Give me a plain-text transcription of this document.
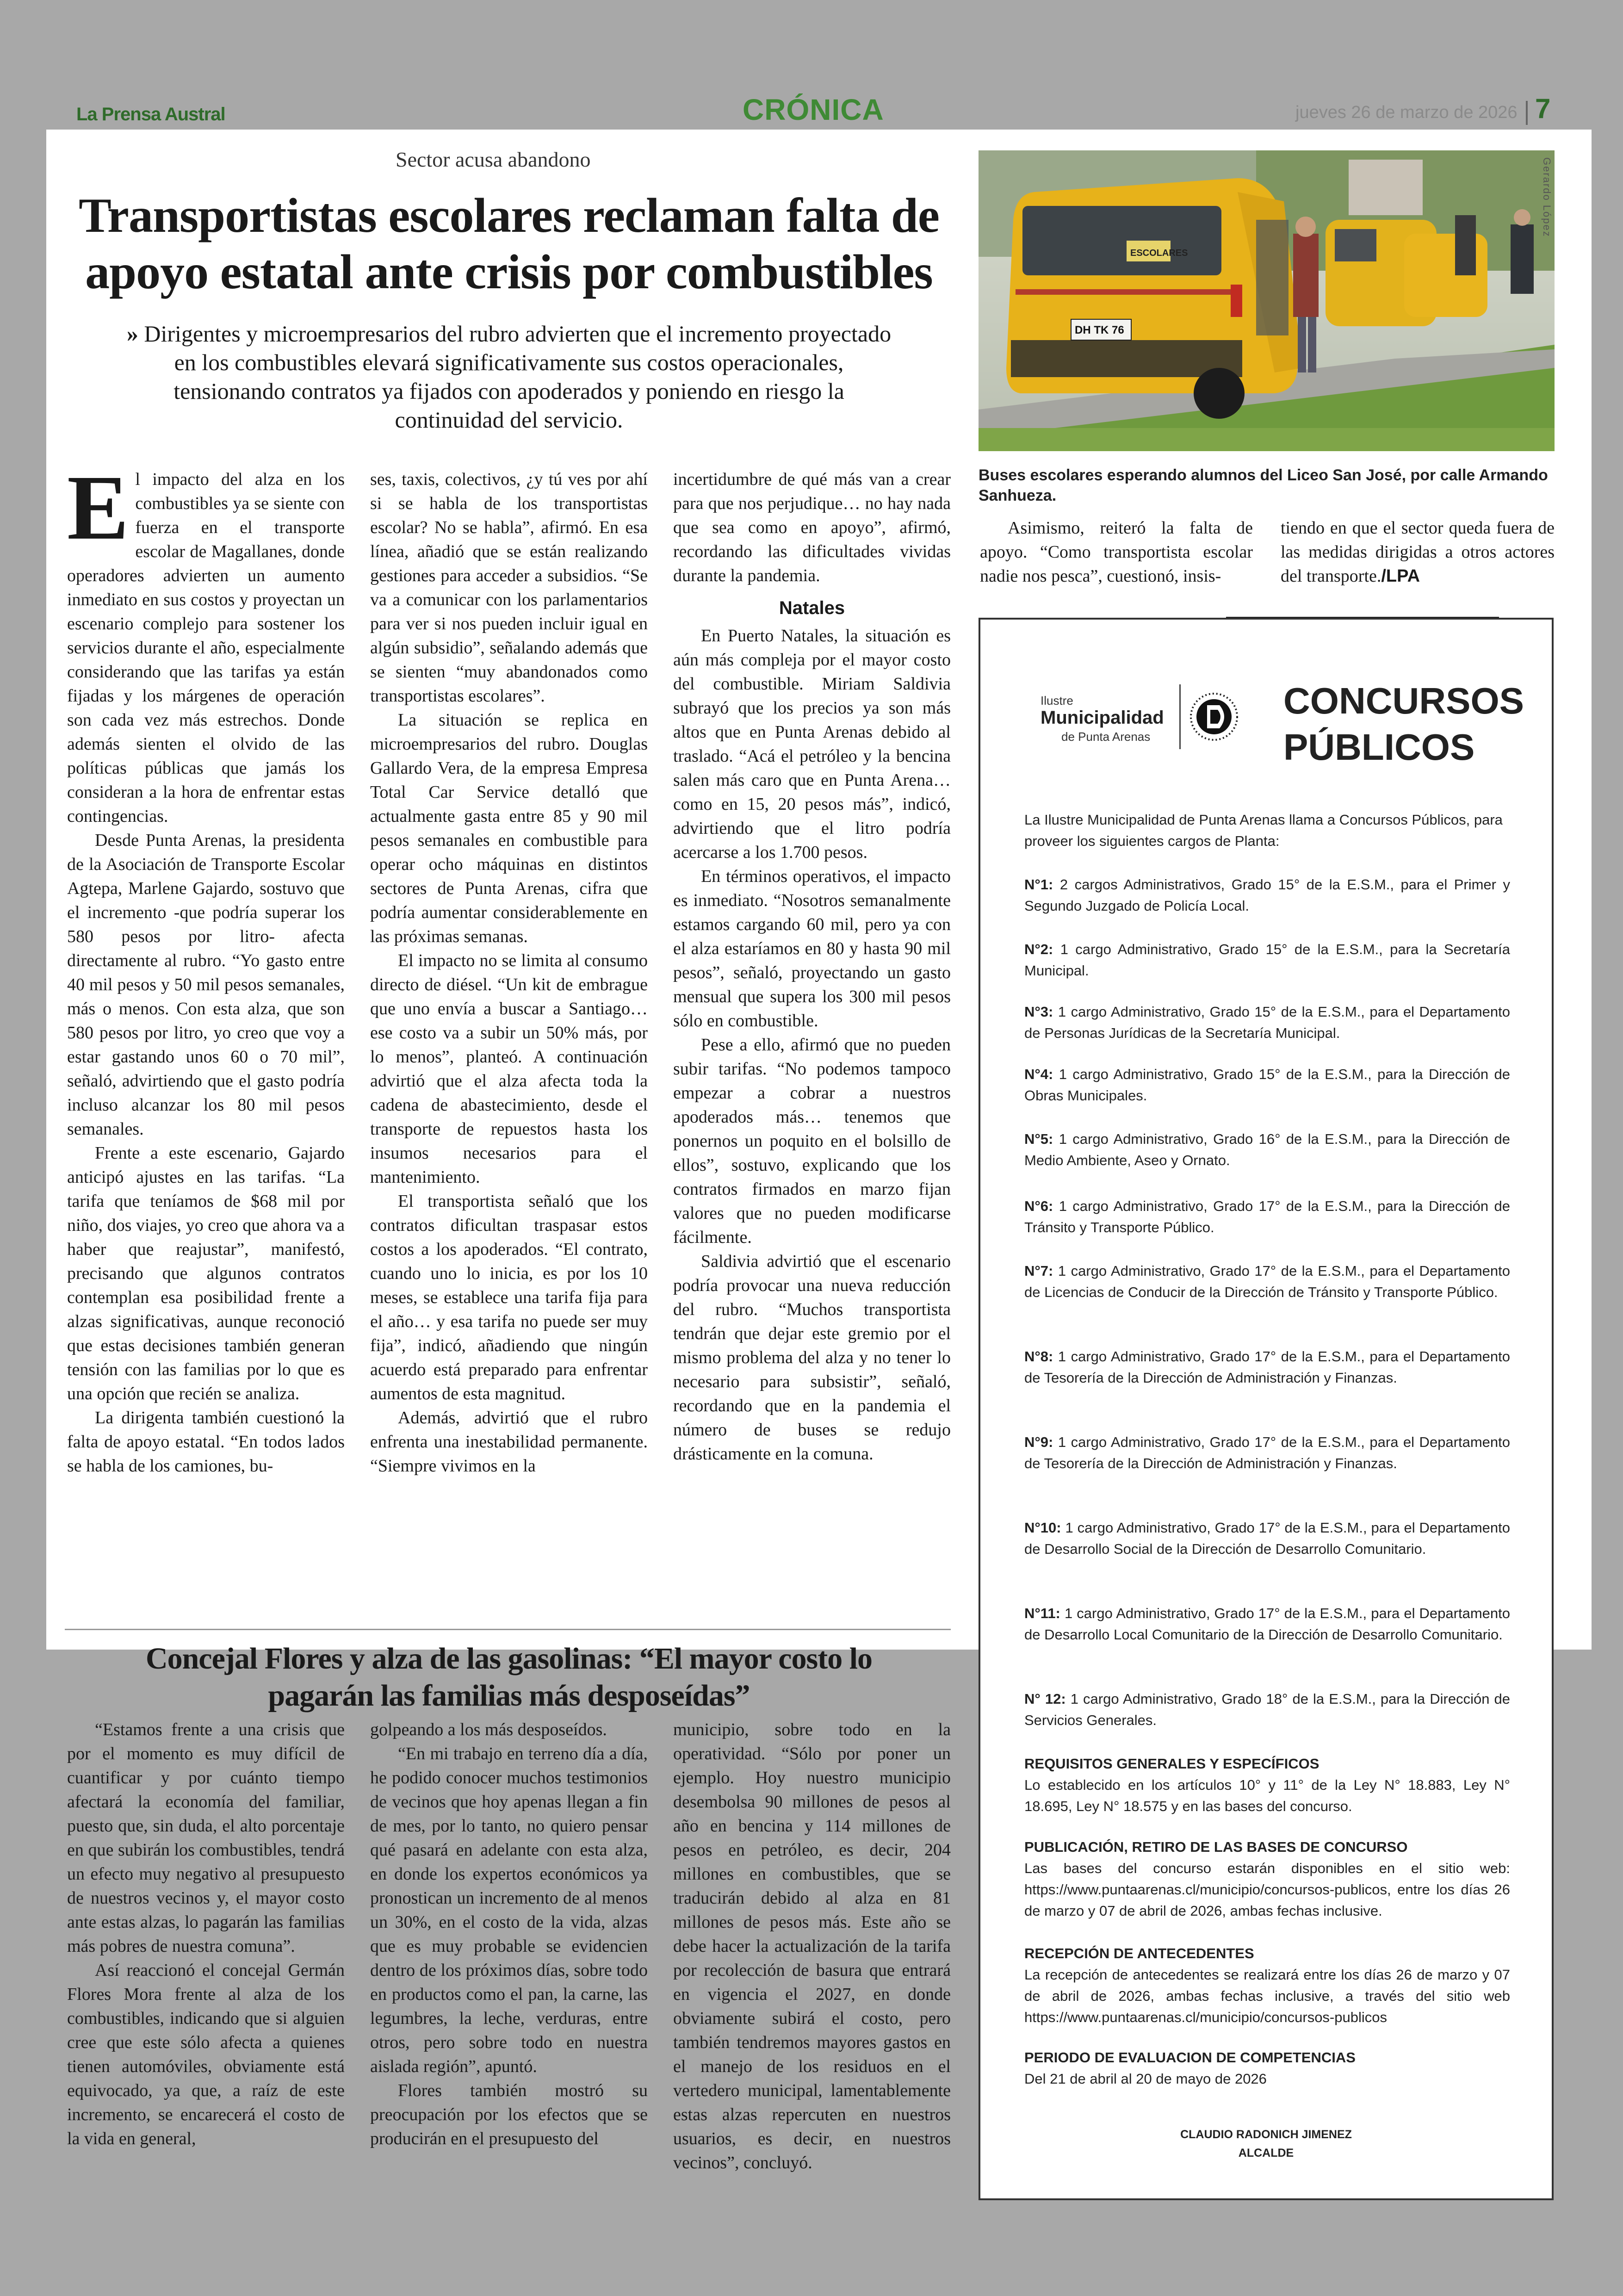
La Prensa Austral	CRÓNICA	jueves 26 de marzo de 2026 7
Sector acusa abandono
Transportistas escolares reclaman falta de apoyo estatal ante crisis por combustibles
» Dirigentes y microempresarios del rubro advierten que el incremento proyectado en los combustibles elevará significativamente sus costos operacionales, tensionando contratos ya fijados con apoderados y poniendo en riesgo la continuidad del servicio.
E l impacto del alza en los combustibles ya se siente con fuerza en el transporte escolar de Magallanes, donde operadores advierten un aumento inmediato en sus costos y proyectan un escenario complejo para sostener los servicios durante el año, especialmente considerando que las tarifas ya están fijadas y los márgenes de operación son cada vez más estrechos. Donde además sienten el olvido de las políticas públicas que jamás los consideran a la hora de enfrentar estas contingencias.

Desde Punta Arenas, la presidenta de la Asociación de Transporte Escolar Agtepa, Marlene Gajardo, sostuvo que el incremento -que podría superar los 580 pesos por litro- afecta directamente al rubro. “Yo gasto entre 40 mil pesos y 50 mil pesos semanales, más o menos. Con esta alza, que son 580 pesos por litro, yo creo que voy a estar gastando unos 60 o 70 mil”, señaló, advirtiendo que el gasto podría incluso alcanzar los 80 mil pesos semanales.

Frente a este escenario, Gajardo anticipó ajustes en las tarifas. “La tarifa que teníamos de $68 mil por niño, dos viajes, yo creo que ahora va a haber que reajustar”, manifestó, precisando que algunos contratos contemplan esa posibilidad frente a alzas significativas, aunque reconoció que estas decisiones también generan tensión con las familias por lo que es una opción que recién se analiza.

La dirigenta también cuestionó la falta de apoyo estatal. “En todos lados se habla de los camiones, bu-

ses, taxis, colectivos, ¿y tú ves por ahí si se habla de los transportistas escolar? No se habla”, afirmó. En esa línea, añadió que se están realizando gestiones para acceder a subsidios. “Se va a comunicar con los parlamentarios para ver si nos pueden incluir igual en algún subsidio”, señalando además que se sienten “muy abandonados como transportistas escolares”.

La situación se replica en microempresarios del rubro. Douglas Gallardo Vera, de la empresa Empresa Total Car Service detalló que actualmente gasta entre 85 y 90 mil pesos semanales en combustible para operar ocho máquinas en distintos sectores de Punta Arenas, cifra que podría aumentar considerablemente en las próximas semanas.

El impacto no se limita al consumo directo de diésel. “Un kit de embrague que uno envía a buscar a Santiago… ese costo va a subir un 50% más, por lo menos”, planteó. A continuación advirtió que el alza afecta toda la cadena de abastecimiento, desde el transporte de repuestos hasta los insumos necesarios para el mantenimiento.

El transportista señaló que los contratos dificultan traspasar estos costos a los apoderados. “El contrato, cuando uno lo inicia, es por los 10 meses, se establece una tarifa fija para el año… y esa tarifa no puede ser muy fija”, indicó, añadiendo que ningún acuerdo está preparado para enfrentar aumentos de esta magnitud.

Además, advirtió que el rubro enfrenta una inestabilidad permanente. “Siempre vivimos en la

incertidumbre de qué más van a crear para que nos perjudique… no hay nada que sea como en apoyo”, afirmó, recordando las dificultades vividas durante la pandemia.

Natales

En Puerto Natales, la situación es aún más compleja por el mayor costo del combustible. Miriam Saldivia subrayó que los precios ya son más altos que en Punta Arenas debido al traslado. “Acá el petróleo y la bencina salen más caro que en Punta Arena… como en 15, 20 pesos más”, indicó, advirtiendo que el litro podría acercarse a los 1.700 pesos.

En términos operativos, el impacto es inmediato. “Nosotros semanalmente estamos cargando 60 mil, pero ya con el alza estaríamos en 80 y hasta 90 mil pesos”, señaló, proyectando un gasto mensual que supera los 300 mil pesos sólo en combustible.

Pese a ello, afirmó que no pueden subir tarifas. “No podemos tampoco empezar a cobrar a nuestros apoderados más… tenemos que ponernos un poquito en el bolsillo de ellos”, sostuvo, explicando que los contratos firmados en marzo fijan valores que no pueden modificarse fácilmente.

Saldivia advirtió que el escenario podría provocar una nueva reducción del rubro. “Muchos transportista tendrán que dejar este gremio por el mismo problema del alza y no tener lo necesario para subsistir”, señaló, recordando que en la pandemia el número de buses se redujo drásticamente en la comuna.

ESCOLARES
DH TK 76
Gerardo López
Buses escolares esperando alumnos del Liceo San José, por calle Armando Sanhueza.

Asimismo, reiteró la falta de apoyo. “Como transportista escolar nadie nos pesca”, cuestionó, insis-

tiendo en que el sector queda fuera de las medidas dirigidas a otros actores del transporte./LPA

Concejal Flores y alza de las gasolinas: “El mayor costo lo pagarán las familias más desposeídas”

“Estamos frente a una crisis que por el momento es muy difícil de cuantificar y por cuánto tiempo afectará la economía del familiar, puesto que, sin duda, el alto porcentaje en que subirán los combustibles, tendrá un efecto muy negativo al presupuesto de nuestros vecinos y, el mayor costo ante estas alzas, lo pagarán las familias más pobres de nuestra comuna”.

Así reaccionó el concejal Germán Flores Mora frente al alza de los combustibles, indicando que si alguien cree que este sólo afecta a quienes tienen automóviles, obviamente está equivocado, ya que, a raíz de este incremento, se encarecerá el costo de la vida en general,

golpeando a los más desposeídos.

“En mi trabajo en terreno día a día, he podido conocer muchos testimonios de vecinos que hoy apenas llegan a fin de mes, por lo tanto, no quiero pensar qué pasará en adelante con esta alza, en donde los expertos económicos ya pronostican un incremento de al menos un 30%, en el costo de la vida, alzas que es muy probable se evidencien dentro de los próximos días, sobre todo en productos como el pan, la carne, las legumbres, la leche, verduras, entre otros, pero sobre todo en nuestra aislada región”, apuntó.

Flores también mostró su preocupación por los efectos que se producirán en el presupuesto del

municipio, sobre todo en la operatividad. “Sólo por poner un ejemplo. Hoy nuestro municipio desembolsa 90 millones de pesos al año en bencina y 114 millones de pesos en petróleo, es decir, 204 millones en combustibles, que se traducirán debido al alza en 81 millones de pesos más. Este año se debe hacer la actualización de la tarifa por recolección de basura que entrará en vigencia el 2027, en donde obviamente subirá el costo, pero también tendremos mayores gastos en el manejo de los residuos en el vertedero municipal, lamentablemente estas alzas repercuten en nuestros usuarios, es decir, en nuestros vecinos”, concluyó.

Ilustre
Municipalidad
de Punta Arenas
CONCURSOS
PÚBLICOS
La Ilustre Municipalidad de Punta Arenas llama a Concursos Públicos, para proveer los siguientes cargos de Planta:
N°1: 2 cargos Administrativos, Grado 15° de la E.S.M., para el Primer y Segundo Juzgado de Policía Local.
N°2: 1 cargo Administrativo, Grado 15° de la E.S.M., para la Secretaría Municipal.
N°3: 1 cargo Administrativo, Grado 15° de la E.S.M., para el Departamento de Personas Jurídicas de la Secretaría Municipal.
N°4: 1 cargo Administrativo, Grado 15° de la E.S.M., para la Dirección de Obras Municipales.
N°5: 1 cargo Administrativo, Grado 16° de la E.S.M., para la Dirección de Medio Ambiente, Aseo y Ornato.
N°6: 1 cargo Administrativo, Grado 17° de la E.S.M., para la Dirección de Tránsito y Transporte Público.
N°7: 1 cargo Administrativo, Grado 17° de la E.S.M., para el Departamento de Licencias de Conducir de la Dirección de Tránsito y Transporte Público.
N°8: 1 cargo Administrativo, Grado 17° de la E.S.M., para el Departamento de Tesorería de la Dirección de Administración y Finanzas.
N°9: 1 cargo Administrativo, Grado 17° de la E.S.M., para el Departamento de Tesorería de la Dirección de Administración y Finanzas.
N°10: 1 cargo Administrativo, Grado 17° de la E.S.M., para el Departamento de Desarrollo Social de la Dirección de Desarrollo Comunitario.
N°11: 1 cargo Administrativo, Grado 17° de la E.S.M., para el Departamento de Desarrollo Local Comunitario de la Dirección de Desarrollo Comunitario.
N° 12: 1 cargo Administrativo, Grado 18° de la E.S.M., para la Dirección de Servicios Generales.
REQUISITOS GENERALES Y ESPECÍFICOS
Lo establecido en los artículos 10° y 11° de la Ley N° 18.883, Ley N° 18.695, Ley N° 18.575 y en las bases del concurso.
PUBLICACIÓN, RETIRO DE LAS BASES DE CONCURSO
Las bases del concurso estarán disponibles en el sitio web: https://www.puntaarenas.cl/municipio/concursos-publicos, entre los días 26 de marzo y 07 de abril de 2026, ambas fechas inclusive.
RECEPCIÓN DE ANTECEDENTES
La recepción de antecedentes se realizará entre los días 26 de marzo y 07 de abril de 2026, ambas fechas inclusive, a través del sitio web https://www.puntaarenas.cl/municipio/concursos-publicos
PERIODO DE EVALUACION DE COMPETENCIAS
Del 21 de abril al 20 de mayo de 2026
CLAUDIO RADONICH JIMENEZ
ALCALDE
